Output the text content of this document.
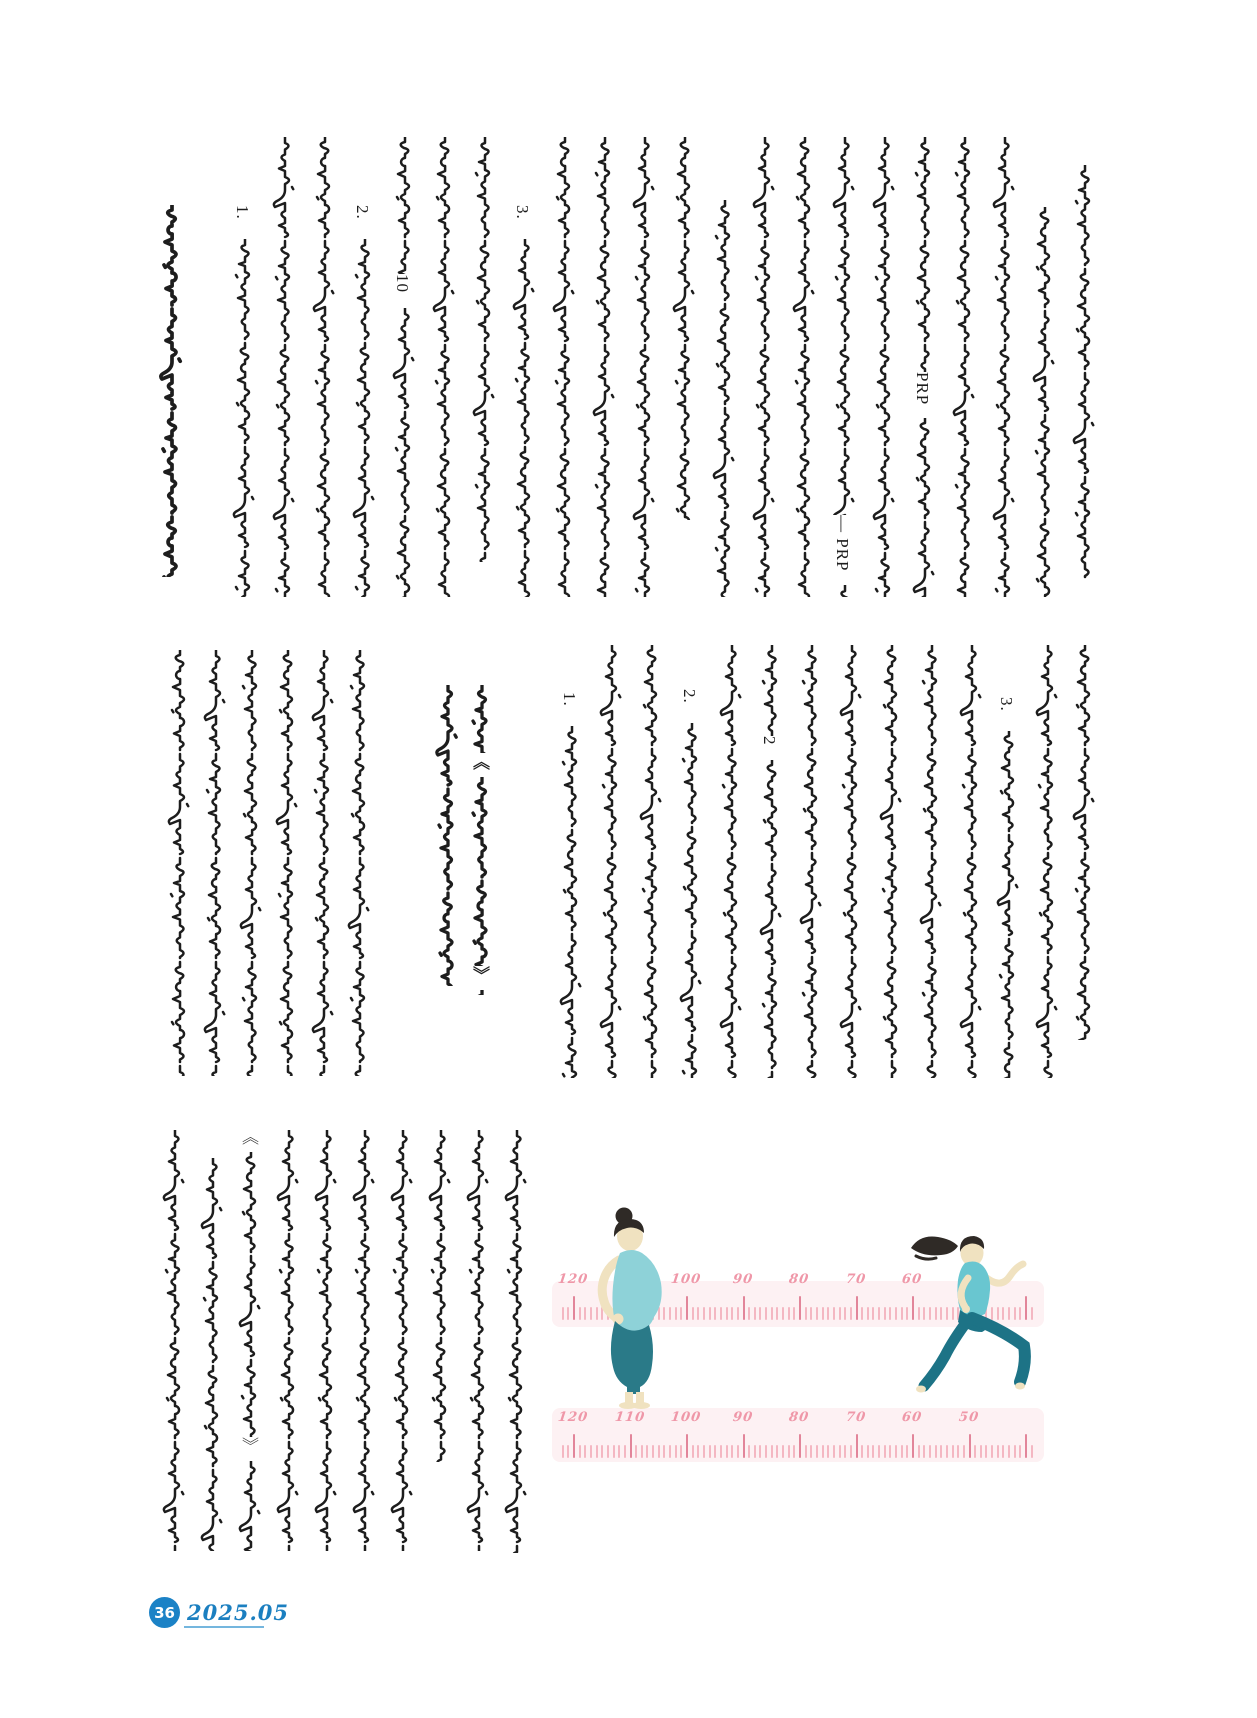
1.	2.
10
3.
— PRP
PRP
《
》
1.	2.
2
3.
《
》
120	100 90	80	70	60
120 110 100 90	80	70	60	50
36 2025.05
